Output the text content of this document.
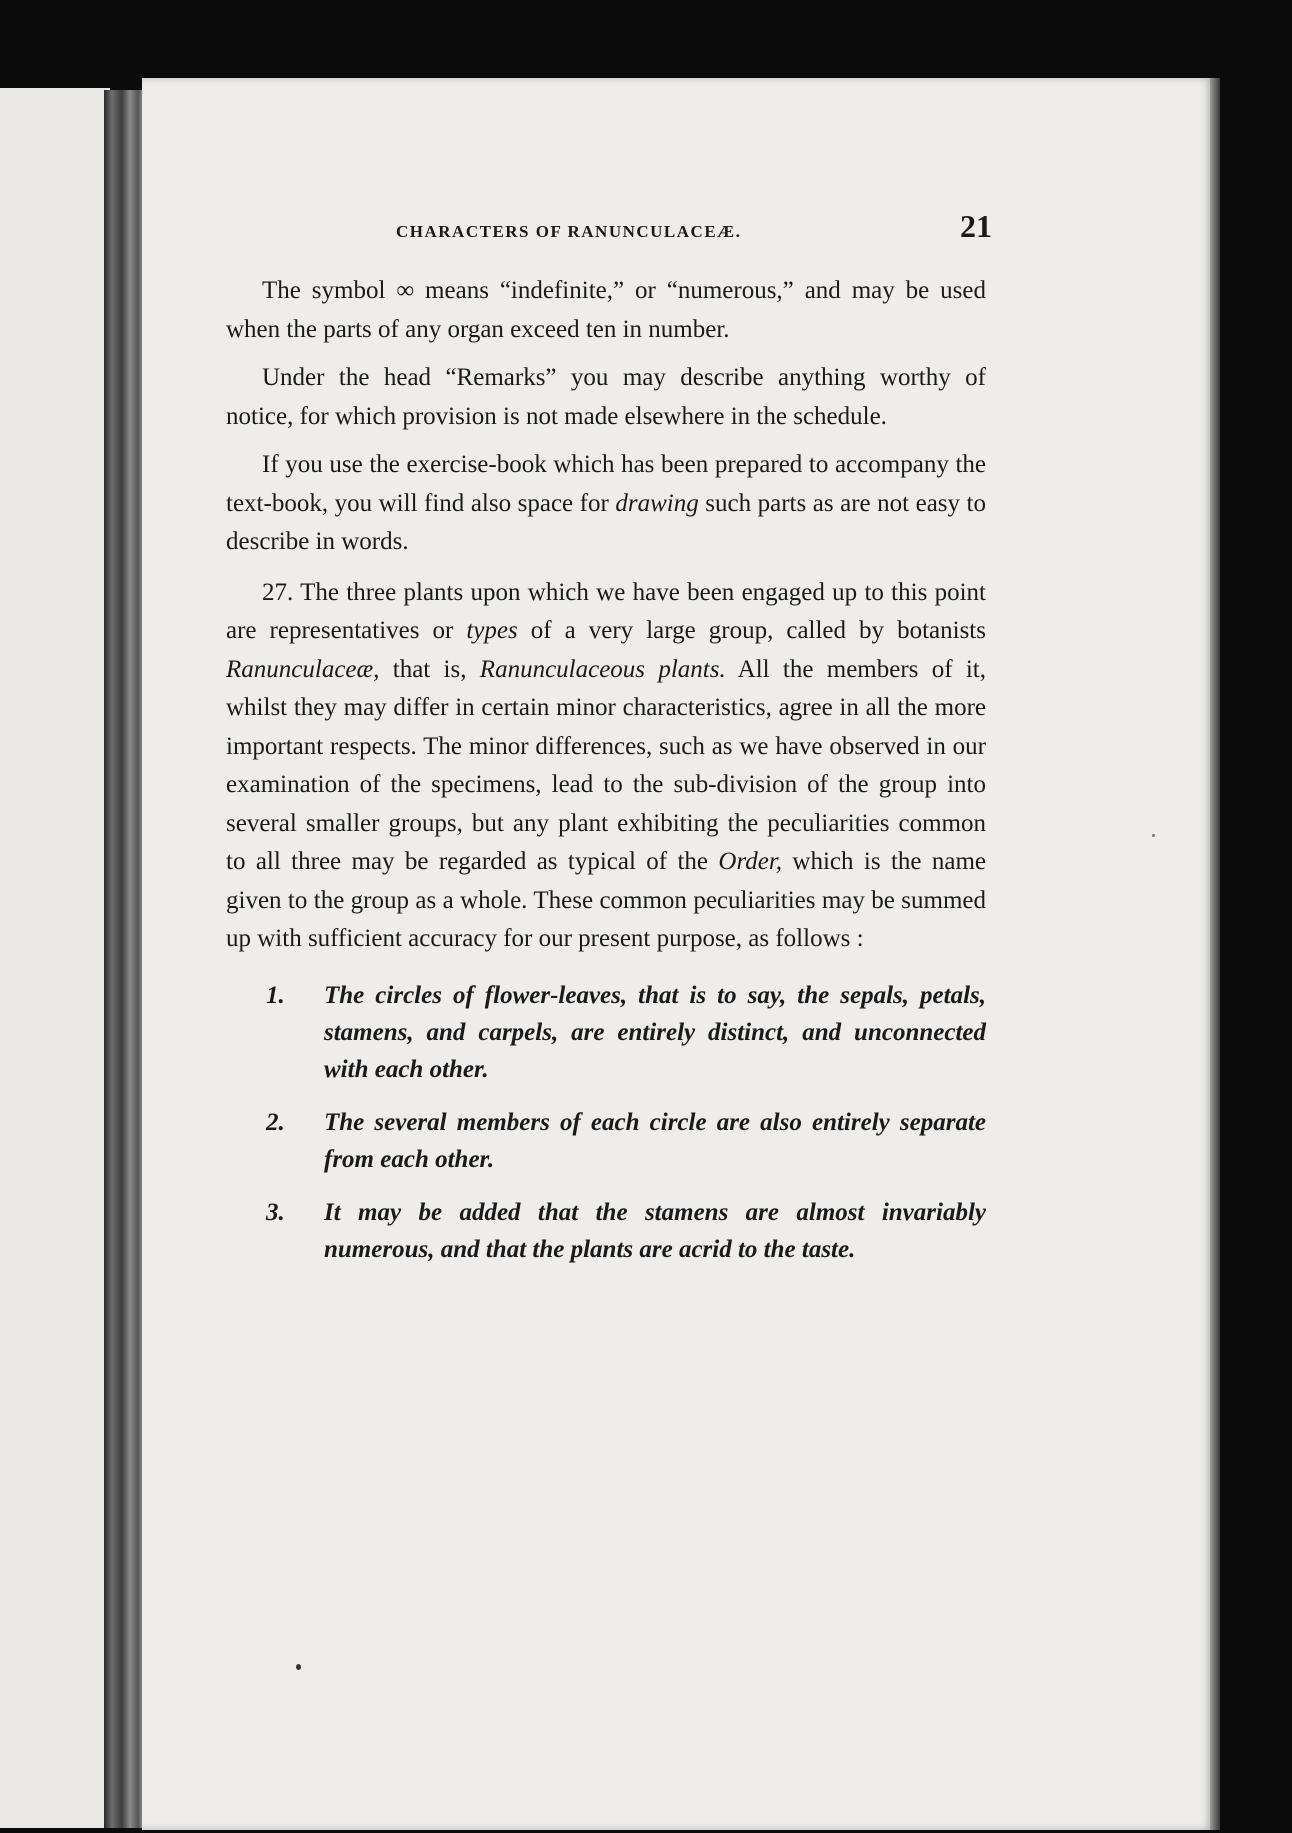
CHARACTERS OF RANUNCULACEÆ.	21

The symbol ∞ means “indefinite,” or “numerous,” and may be used when the parts of any organ exceed ten in number.

Under the head “Remarks” you may describe anything worthy of notice, for which provision is not made elsewhere in the schedule.

If you use the exercise-book which has been prepared to accompany the text-book, you will find also space for drawing such parts as are not easy to describe in words.

27. The three plants upon which we have been engaged up to this point are representatives or types of a very large group, called by botanists Ranunculaceæ, that is, Ranunculaceous plants. All the members of it, whilst they may differ in certain minor characteristics, agree in all the more important respects. The minor differences, such as we have observed in our examination of the specimens, lead to the sub-division of the group into several smaller groups, but any plant exhibiting the peculiarities common to all three may be regarded as typical of the Order, which is the name given to the group as a whole. These common peculiarities may be summed up with sufficient accuracy for our present purpose, as follows :

1. The circles of flower-leaves, that is to say, the sepals, petals, stamens, and carpels, are entirely distinct, and unconnected with each other.
2. The several members of each circle are also entirely separate from each other.
3. It may be added that the stamens are almost invariably numerous, and that the plants are acrid to the taste.
